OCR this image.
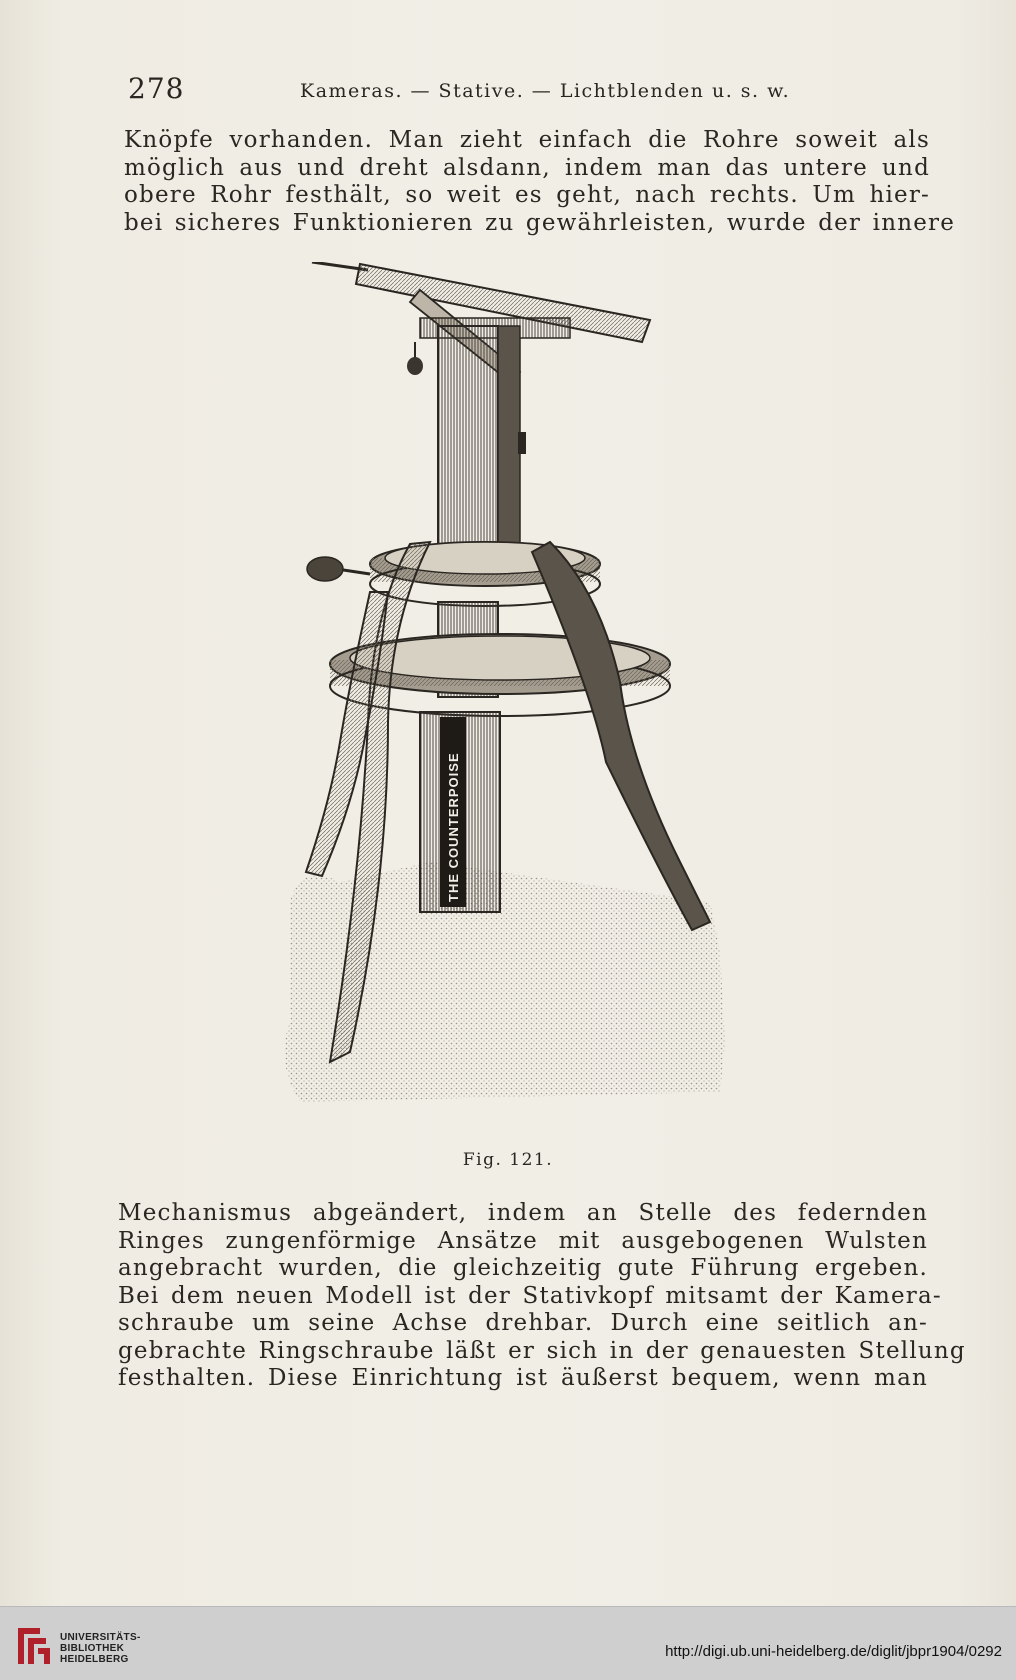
278	Kameras. — Stative. — Lichtblenden u. s. w.

Knöpfe vorhanden. Man zieht einfach die Rohre soweit als
möglich aus und dreht alsdann, indem man das untere und
obere Rohr festhält, so weit es geht, nach rechts. Um hier-
bei sicheres Funktionieren zu gewährleisten, wurde der innere

THE COUNTERPOISE
Fig. 121.

Mechanismus abgeändert, indem an Stelle des federnden
Ringes zungenförmige Ansätze mit ausgebogenen Wulsten
angebracht wurden, die gleichzeitig gute Führung ergeben.
Bei dem neuen Modell ist der Stativkopf mitsamt der Kamera-
schraube um seine Achse drehbar. Durch eine seitlich an-
gebrachte Ringschraube läßt er sich in der genauesten Stellung
festhalten. Diese Einrichtung ist äußerst bequem, wenn man

UNIVERSITÄTS-
BIBLIOTHEK
HEIDELBERG	http://digi.ub.uni-heidelberg.de/diglit/jbpr1904/0292
